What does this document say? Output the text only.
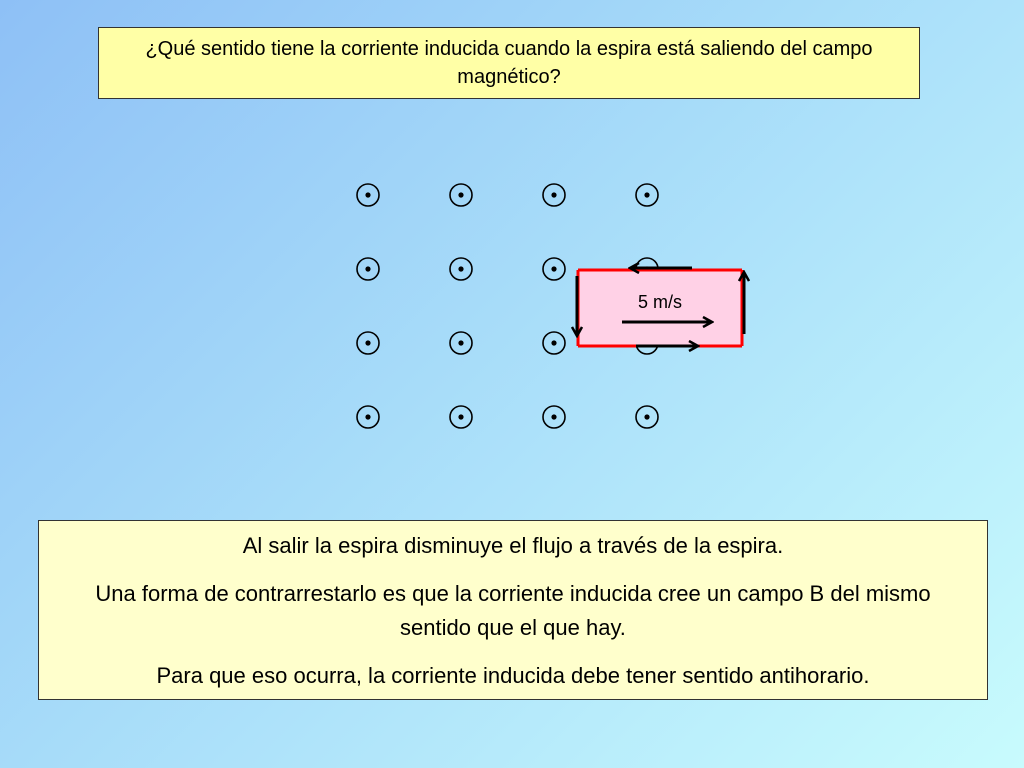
¿Qué sentido tiene la corriente inducida cuando la espira está saliendo del campo magnético?
5 m/s

Al salir la espira disminuye el flujo a través de la espira.

Una forma de contrarrestarlo es que la corriente inducida cree un campo B del mismo sentido que el que hay.

Para que eso ocurra, la corriente inducida debe tener sentido antihorario.
